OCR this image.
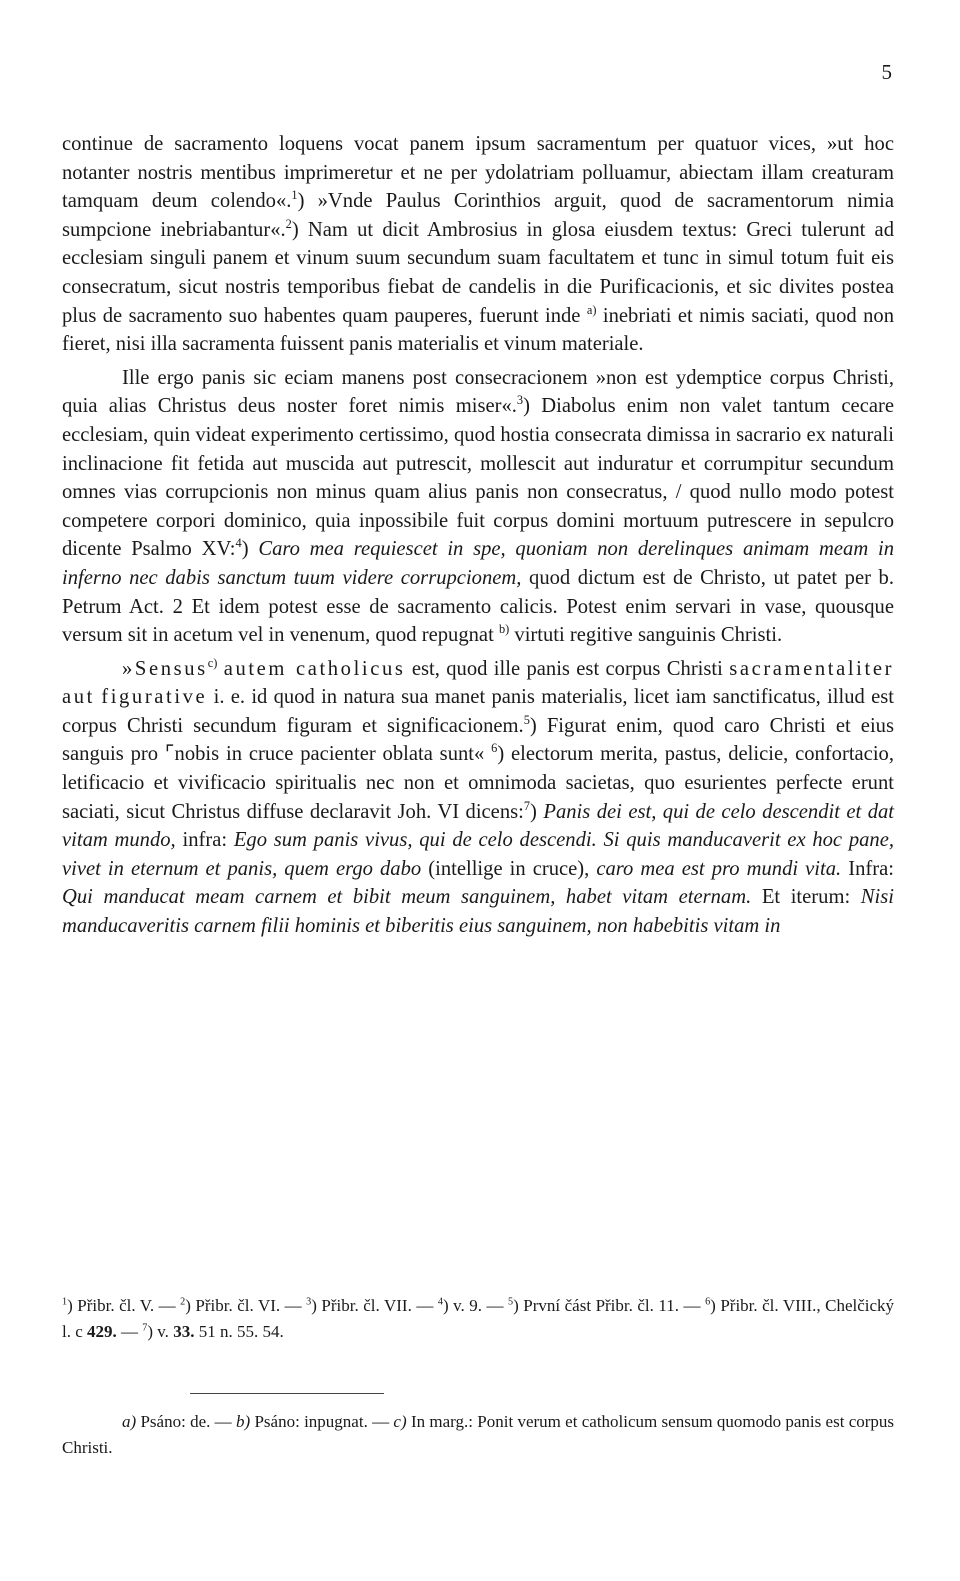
5

continue de sacramento loquens vocat panem ipsum sacramentum per quatuor vices, »ut hoc notanter nostris mentibus imprimeretur et ne per ydolatriam polluamur, abiectam illam creaturam tamquam deum colendo«.$^1$) »Vnde Paulus Corinthios arguit, quod de sacramentorum nimia sumpcione inebriabantur«.$^2$) Nam ut dicit Ambrosius in glosa eiusdem textus: Greci tulerunt ad ecclesiam singuli panem et vinum suum secundum suam facultatem et tunc in simul totum fuit eis consecratum, sicut nostris temporibus fiebat de candelis in die Purificacionis, et sic divites postea plus de sacramento suo habentes quam pauperes, fuerunt inde $^{a)}$ inebriati et nimis saciati, quod non fieret, nisi illa sacramenta fuissent panis materialis et vinum materiale.

Ille ergo panis sic eciam manens post consecracionem »non est ydemptice corpus Christi, quia alias Christus deus noster foret nimis miser«.$^3$) Diabolus enim non valet tantum cecare ecclesiam, quin videat experimento certissimo, quod hostia consecrata dimissa in sacrario ex naturali inclinacione fit fetida aut muscida aut putrescit, mollescit aut induratur et corrumpitur secundum omnes vias corrupcionis non minus quam alius panis non consecratus, / quod nullo modo potest competere corpori dominico, quia inpossibile fuit corpus domini mortuum putrescere in sepulcro dicente Psalmo XV:$^4$) Caro mea requiescet in spe, quoniam non derelinques animam meam in inferno nec dabis sanctum tuum videre corrupcionem, quod dictum est de Christo, ut patet per b. Petrum Act. 2 Et idem potest esse de sacramento calicis. Potest enim servari in vase, quousque versum sit in acetum vel in venenum, quod repugnat $^{b)}$ virtuti regitive sanguinis Christi.

»Sensus$^{c)}$ autem catholicus est, quod ille panis est corpus Christi sacramentaliter aut figurative i. e. id quod in natura sua manet panis materialis, licet iam sanctificatus, illud est corpus Christi secundum figuram et significacionem.$^5$) Figurat enim, quod caro Christi et eius sanguis pro ⌜nobis in cruce pacienter oblata sunt« $^6$) electorum merita, pastus, delicie, confortacio, letificacio et vivificacio spiritualis nec non et omnimoda sacietas, quo esurientes perfecte erunt saciati, sicut Christus diffuse declaravit Joh. VI dicens:$^7$) Panis dei est, qui de celo descendit et dat vitam mundo, infra: Ego sum panis vivus, qui de celo descendi. Si quis manducaverit ex hoc pane, vivet in eternum et panis, quem ergo dabo (intellige in cruce), caro mea est pro mundi vita. Infra: Qui manducat meam carnem et bibit meum sanguinem, habet vitam eternam. Et iterum: Nisi manducaveritis carnem filii hominis et biberitis eius sanguinem, non habebitis vitam in

$^1$) Přibr. čl. V. — $^2$) Přibr. čl. VI. — $^3$) Přibr. čl. VII. — $^4$) v. 9. — $^5$) První část Přibr. čl. 11. — $^6$) Přibr. čl. VIII., Chelčický l. c 429. — $^7$) v. 33. 51 n. 55. 54.

a) Psáno: de. — b) Psáno: inpugnat. — c) In marg.: Ponit verum et catholicum sensum quomodo panis est corpus Christi.
